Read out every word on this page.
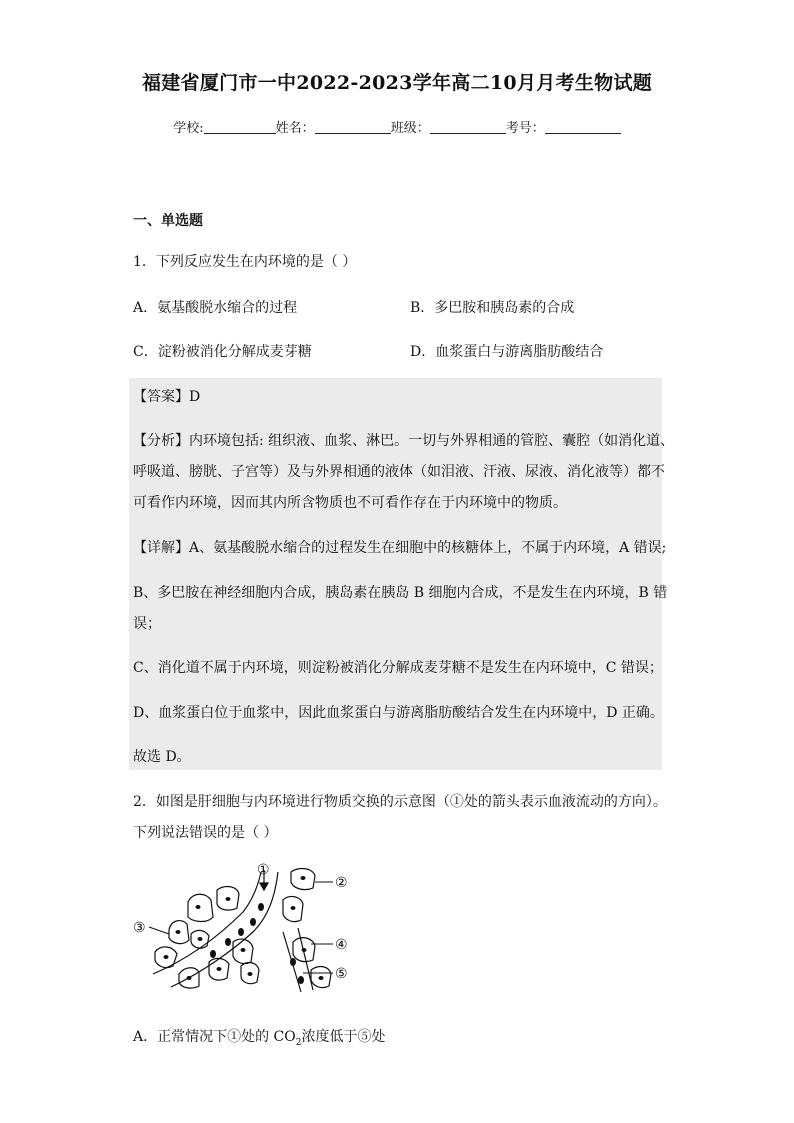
福建省厦门市一中2022-2023学年高二10月月考生物试题
学校:	姓名：	班级：	考号：
一、单选题
1．下列反应发生在内环境的是（ ）
A．氨基酸脱水缩合的过程	B．多巴胺和胰岛素的合成
C．淀粉被消化分解成麦芽糖	D．血浆蛋白与游离脂肪酸结合
【答案】D
【分析】内环境包括: 组织液、血浆、淋巴。一切与外界相通的管腔、囊腔（如消化道、
呼吸道、膀胱、子宫等）及与外界相通的液体（如泪液、汗液、尿液、消化液等）都不
可看作内环境，因而其内所含物质也不可看作存在于内环境中的物质。
【详解】A、氨基酸脱水缩合的过程发生在细胞中的核糖体上，不属于内环境，A 错误;
B、多巴胺在神经细胞内合成，胰岛素在胰岛 B 细胞内合成，不是发生在内环境，B 错
误；
C、消化道不属于内环境，则淀粉被消化分解成麦芽糖不是发生在内环境中，C 错误；
D、血浆蛋白位于血浆中，因此血浆蛋白与游离脂肪酸结合发生在内环境中，D 正确。
故选 D。
2．如图是肝细胞与内环境进行物质交换的示意图（①处的箭头表示血液流动的方向）。
下列说法错误的是（ ）
①
②
③
④
⑤
A．正常情况下①处的 $CO_2$浓度低于⑤处
